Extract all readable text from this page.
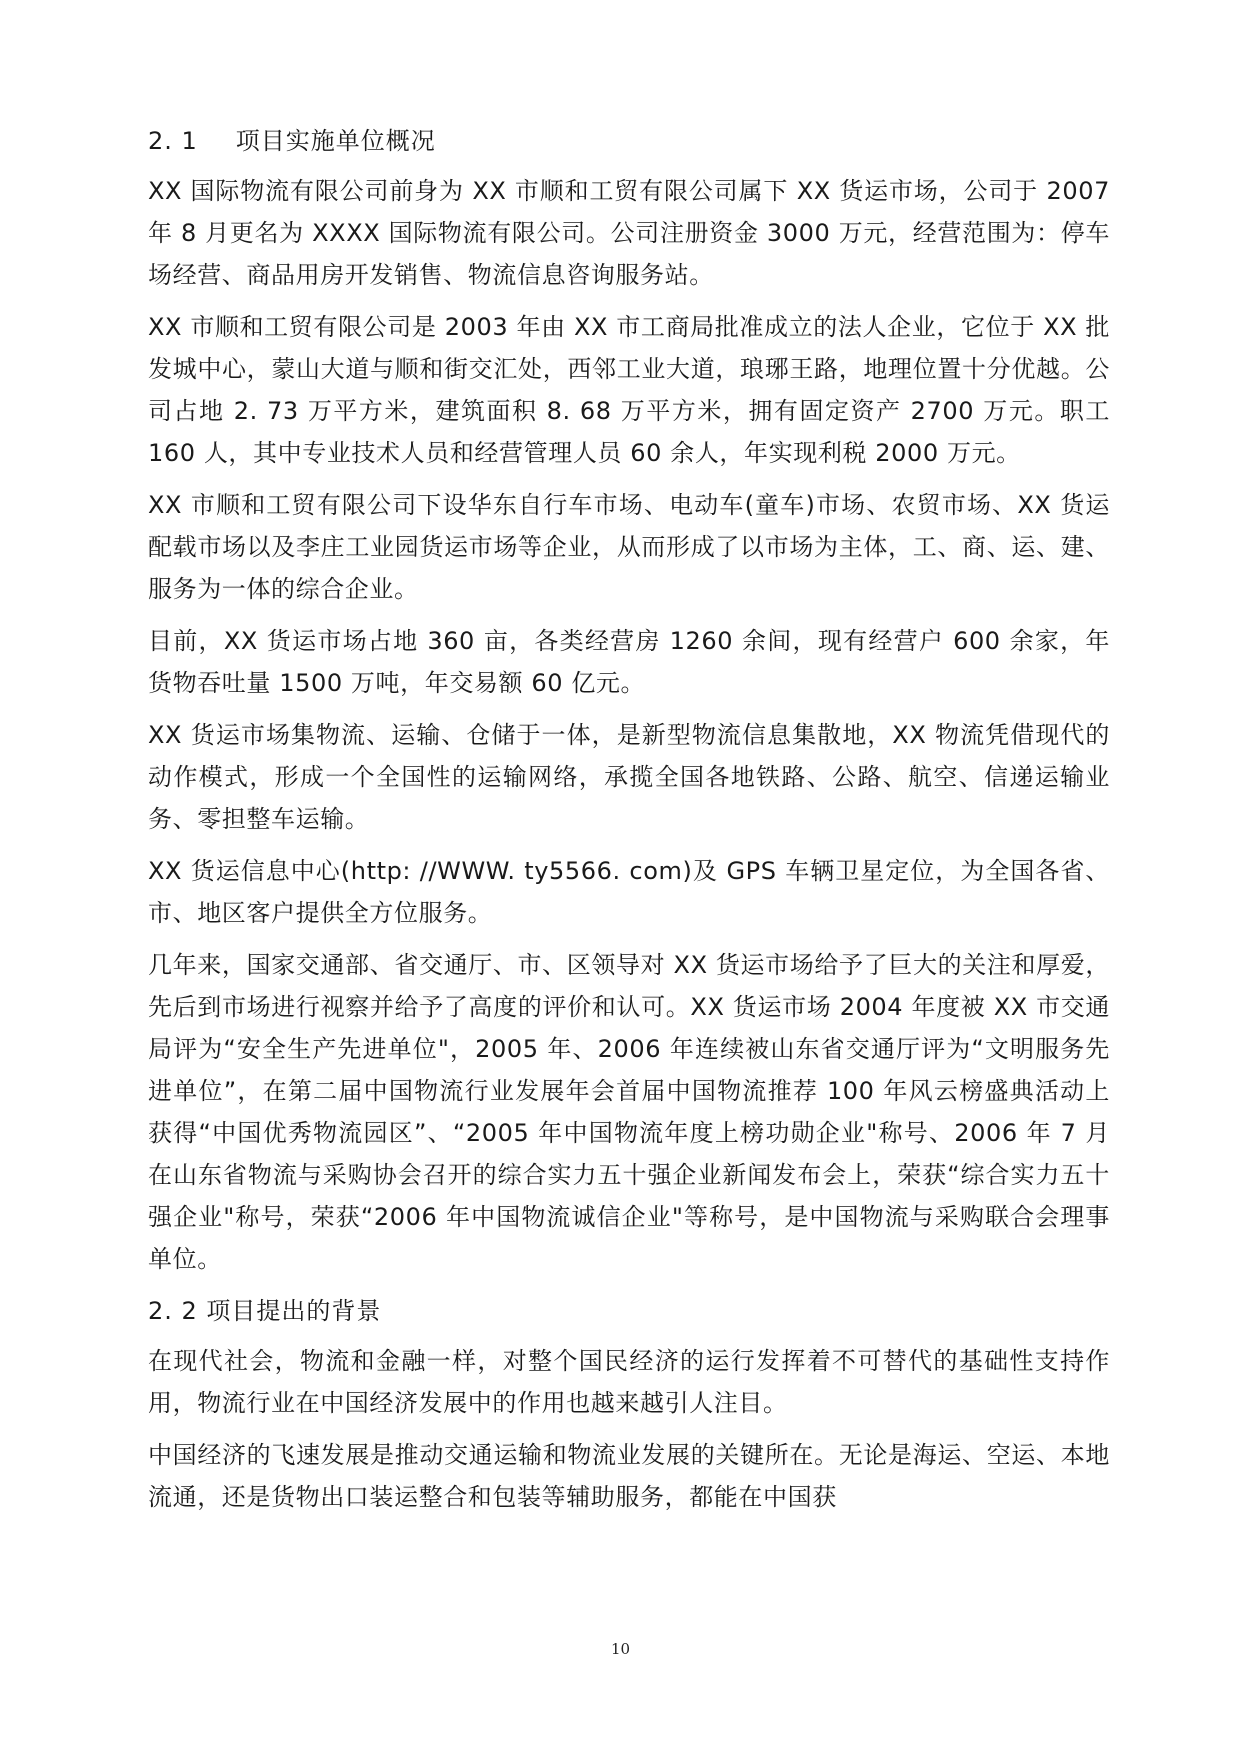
2. 1 项目实施单位概况

XX 国际物流有限公司前身为 XX 市顺和工贸有限公司属下 XX 货运市场，公司于 2007 年 8 月更名为 XXXX 国际物流有限公司。公司注册资金 3000 万元，经营范围为：停车场经营、商品用房开发销售、物流信息咨询服务站。

XX 市顺和工贸有限公司是 2003 年由 XX 市工商局批准成立的法人企业，它位于 XX 批发城中心，蒙山大道与顺和街交汇处，西邻工业大道，琅琊王路，地理位置十分优越。公司占地 2. 73 万平方米，建筑面积 8. 68 万平方米，拥有固定资产 2700 万元。职工 160 人，其中专业技术人员和经营管理人员 60 余人，年实现利税 2000 万元。

XX 市顺和工贸有限公司下设华东自行车市场、电动车(童车)市场、农贸市场、XX 货运配载市场以及李庄工业园货运市场等企业，从而形成了以市场为主体，工、商、运、建、服务为一体的综合企业。

目前，XX 货运市场占地 360 亩，各类经营房 1260 余间，现有经营户 600 余家，年货物吞吐量 1500 万吨，年交易额 60 亿元。

XX 货运市场集物流、运输、仓储于一体，是新型物流信息集散地，XX 物流凭借现代的动作模式，形成一个全国性的运输网络，承揽全国各地铁路、公路、航空、信递运输业务、零担整车运输。

XX 货运信息中心(http: //WWW. ty5566. com)及 GPS 车辆卫星定位，为全国各省、市、地区客户提供全方位服务。

几年来，国家交通部、省交通厅、市、区领导对 XX 货运市场给予了巨大的关注和厚爱，先后到市场进行视察并给予了高度的评价和认可。XX 货运市场 2004 年度被 XX 市交通局评为“安全生产先进单位"，2005 年、2006 年连续被山东省交通厅评为“文明服务先进单位”，在第二届中国物流行业发展年会首届中国物流推荐 100 年风云榜盛典活动上获得“中国优秀物流园区”、“2005 年中国物流年度上榜功勋企业"称号、2006 年 7 月在山东省物流与采购协会召开的综合实力五十强企业新闻发布会上，荣获“综合实力五十强企业"称号，荣获“2006 年中国物流诚信企业"等称号，是中国物流与采购联合会理事单位。

2. 2 项目提出的背景

在现代社会，物流和金融一样，对整个国民经济的运行发挥着不可替代的基础性支持作用，物流行业在中国经济发展中的作用也越来越引人注目。

中国经济的飞速发展是推动交通运输和物流业发展的关键所在。无论是海运、空运、本地流通，还是货物出口装运整合和包装等辅助服务，都能在中国获

10
